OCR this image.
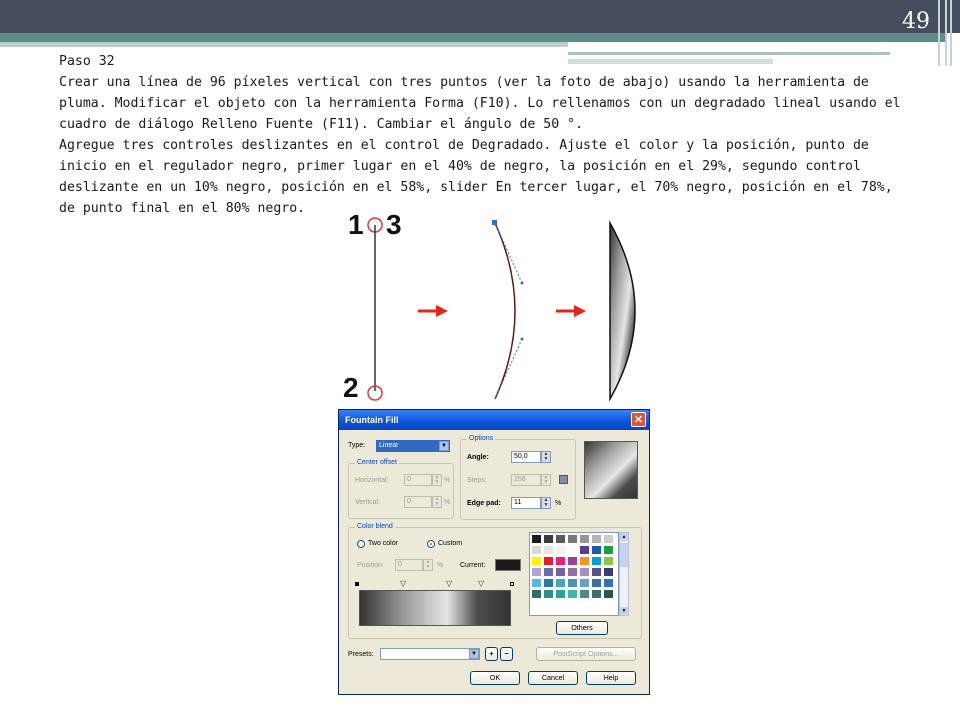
49

Paso 32

Crear una línea de 96 píxeles vertical con tres puntos (ver la foto de abajo) usando la herramienta de pluma. Modificar el objeto con la herramienta Forma (F10). Lo rellenamos con un degradado lineal usando el cuadro de diálogo Relleno Fuente (F11). Cambiar el ángulo de 50 °.

Agregue tres controles deslizantes en el control de Degradado. Ajuste el color y la posición, punto de inicio en el regulador negro, primer lugar en el 40% de negro, la posición en el 29%, segundo control deslizante en un 10% negro, posición en el 58%, slider En tercer lugar, el 70% negro, posición en el 78%, de punto final en el 80% negro.

1 3
2
Fountain Fill	✕
Type:	Linear	▼
Center offset
Horizontal:	0	▲
▼ %
Vertical:	0	▲
▼ %
Options
Angle:	50,0	▲
▼
Steps:	256	▲
▼
Edge pad:	11	▲
▼ %
Color blend
Two color	Custom
Position:	0	▲
▼ % Current:
▽	▽	▽
▲
▼
Others
Presets:	▼	+	−	PostScript Options...
OK	Cancel	Help
